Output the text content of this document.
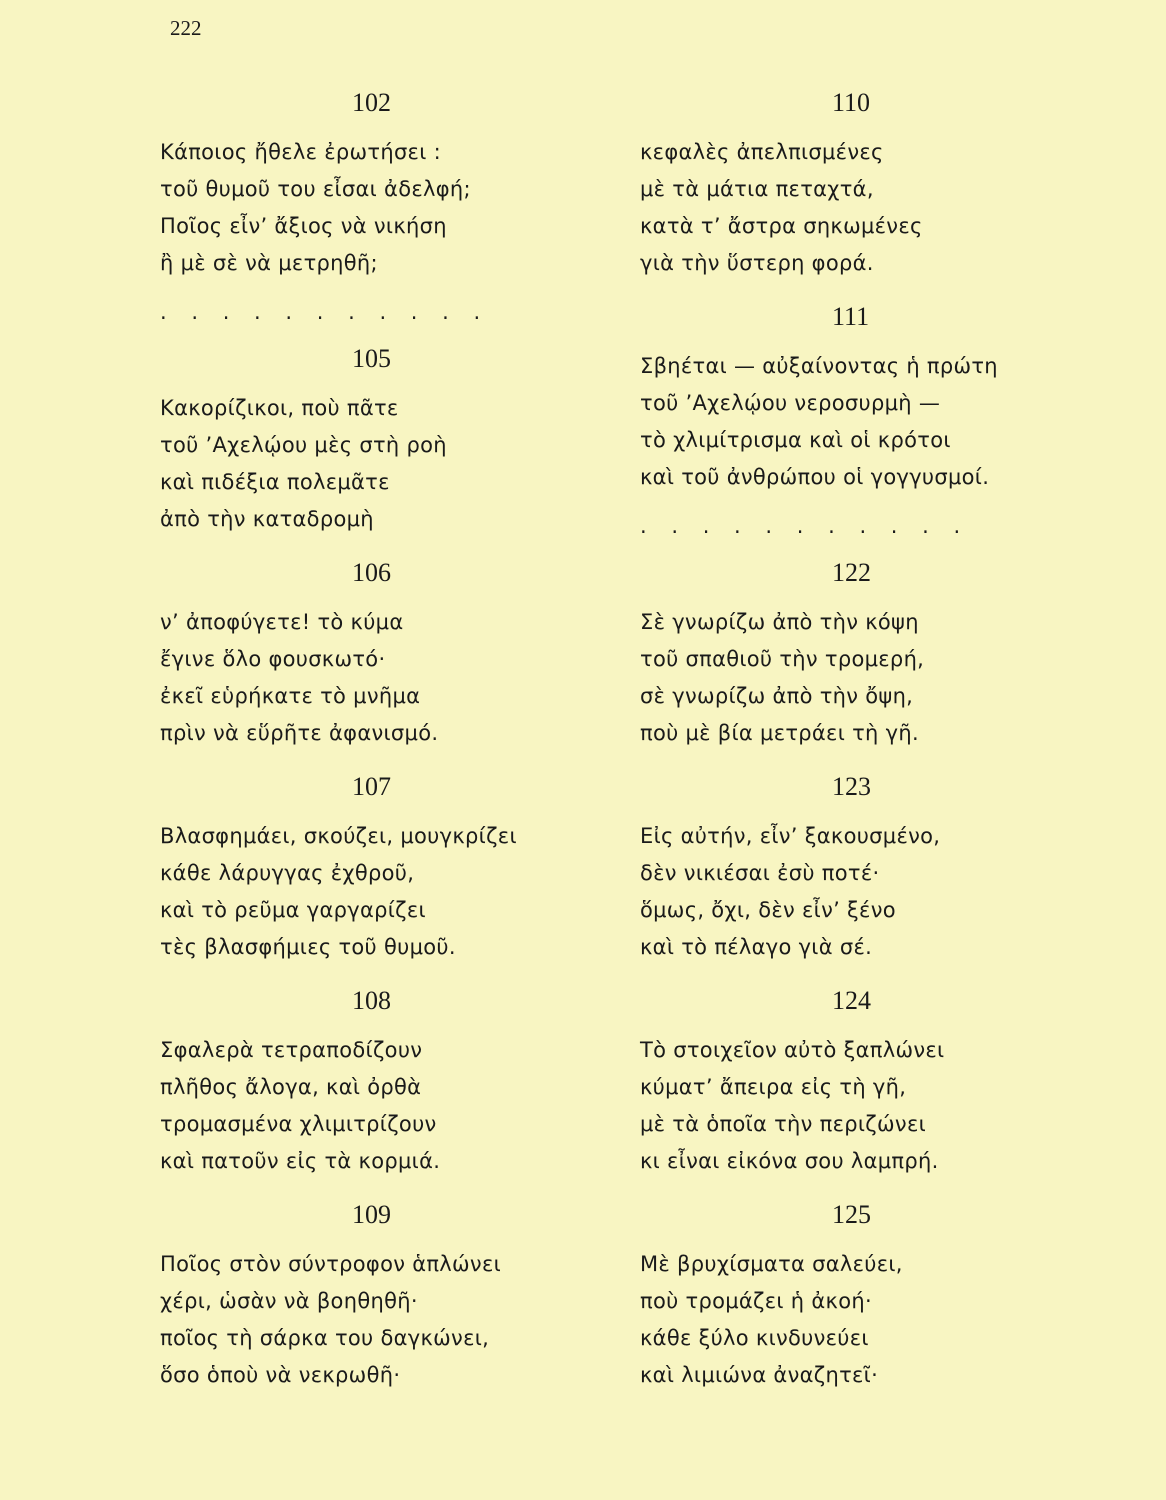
222
102
Κάποιος ἤθελε ἐρωτήσει :
τοῦ θυμοῦ του εἶσαι ἀδελφή;
Ποῖος εἶν’ ἄξιος νὰ νικήση
ἢ μὲ σὲ νὰ μετρηθῆ;
. . . . . . . . . . .
105
Κακορίζικοι, ποὺ πᾶτε
τοῦ ’Αχελῴου μὲς στὴ ροὴ
καὶ πιδέξια πολεμᾶτε
ἀπὸ τὴν καταδρομὴ
106
ν’ ἀποφύγετε! τὸ κύμα
ἔγινε ὅλο φουσκωτό·
ἐκεῖ εὑρήκατε τὸ μνῆμα
πρὶν νὰ εὕρῆτε ἀφανισμό.
107
Βλασφημάει, σκούζει, μουγκρίζει
κάθε λάρυγγας ἐχθροῦ,
καὶ τὸ ρεῦμα γαργαρίζει
τὲς βλασφήμιες τοῦ θυμοῦ.
108
Σφαλερὰ τετραποδίζουν
πλῆθος ἄλογα, καὶ ὀρθὰ
τρομασμένα χλιμιτρίζουν
καὶ πατοῦν εἰς τὰ κορμιά.
109
Ποῖος στὸν σύντροφον ἁπλώνει
χέρι, ὡσὰν νὰ βοηθηθῆ·
ποῖος τὴ σάρκα του δαγκώνει,
ὅσο ὁποὺ νὰ νεκρωθῆ·
110
κεφαλὲς ἀπελπισμένες
μὲ τὰ μάτια πεταχτά,
κατὰ τ’ ἄστρα σηκωμένες
γιὰ τὴν ὕστερη φορά.
111
Σβηέται — αὐξαίνοντας ἡ πρώτη
τοῦ ’Αχελῴου νεροσυρμὴ —
τὸ χλιμίτρισμα καὶ οἱ κρότοι
καὶ τοῦ ἀνθρώπου οἱ γογγυσμοί.
. . . . . . . . . . .
122
Σὲ γνωρίζω ἀπὸ τὴν κόψη
τοῦ σπαθιοῦ τὴν τρομερή,
σὲ γνωρίζω ἀπὸ τὴν ὄψη,
ποὺ μὲ βία μετράει τὴ γῆ.
123
Εἰς αὐτήν, εἶν’ ξακουσμένο,
δὲν νικιέσαι ἐσὺ ποτέ·
ὅμως, ὄχι, δὲν εἶν’ ξένο
καὶ τὸ πέλαγο γιὰ σέ.
124
Τὸ στοιχεῖον αὐτὸ ξαπλώνει
κύματ’ ἄπειρα εἰς τὴ γῆ,
μὲ τὰ ὁποῖα τὴν περιζώνει
κι εἶναι εἰκόνα σου λαμπρή.
125
Μὲ βρυχίσματα σαλεύει,
ποὺ τρομάζει ἡ ἀκοή·
κάθε ξύλο κινδυνεύει
καὶ λιμιώνα ἀναζητεῖ·
